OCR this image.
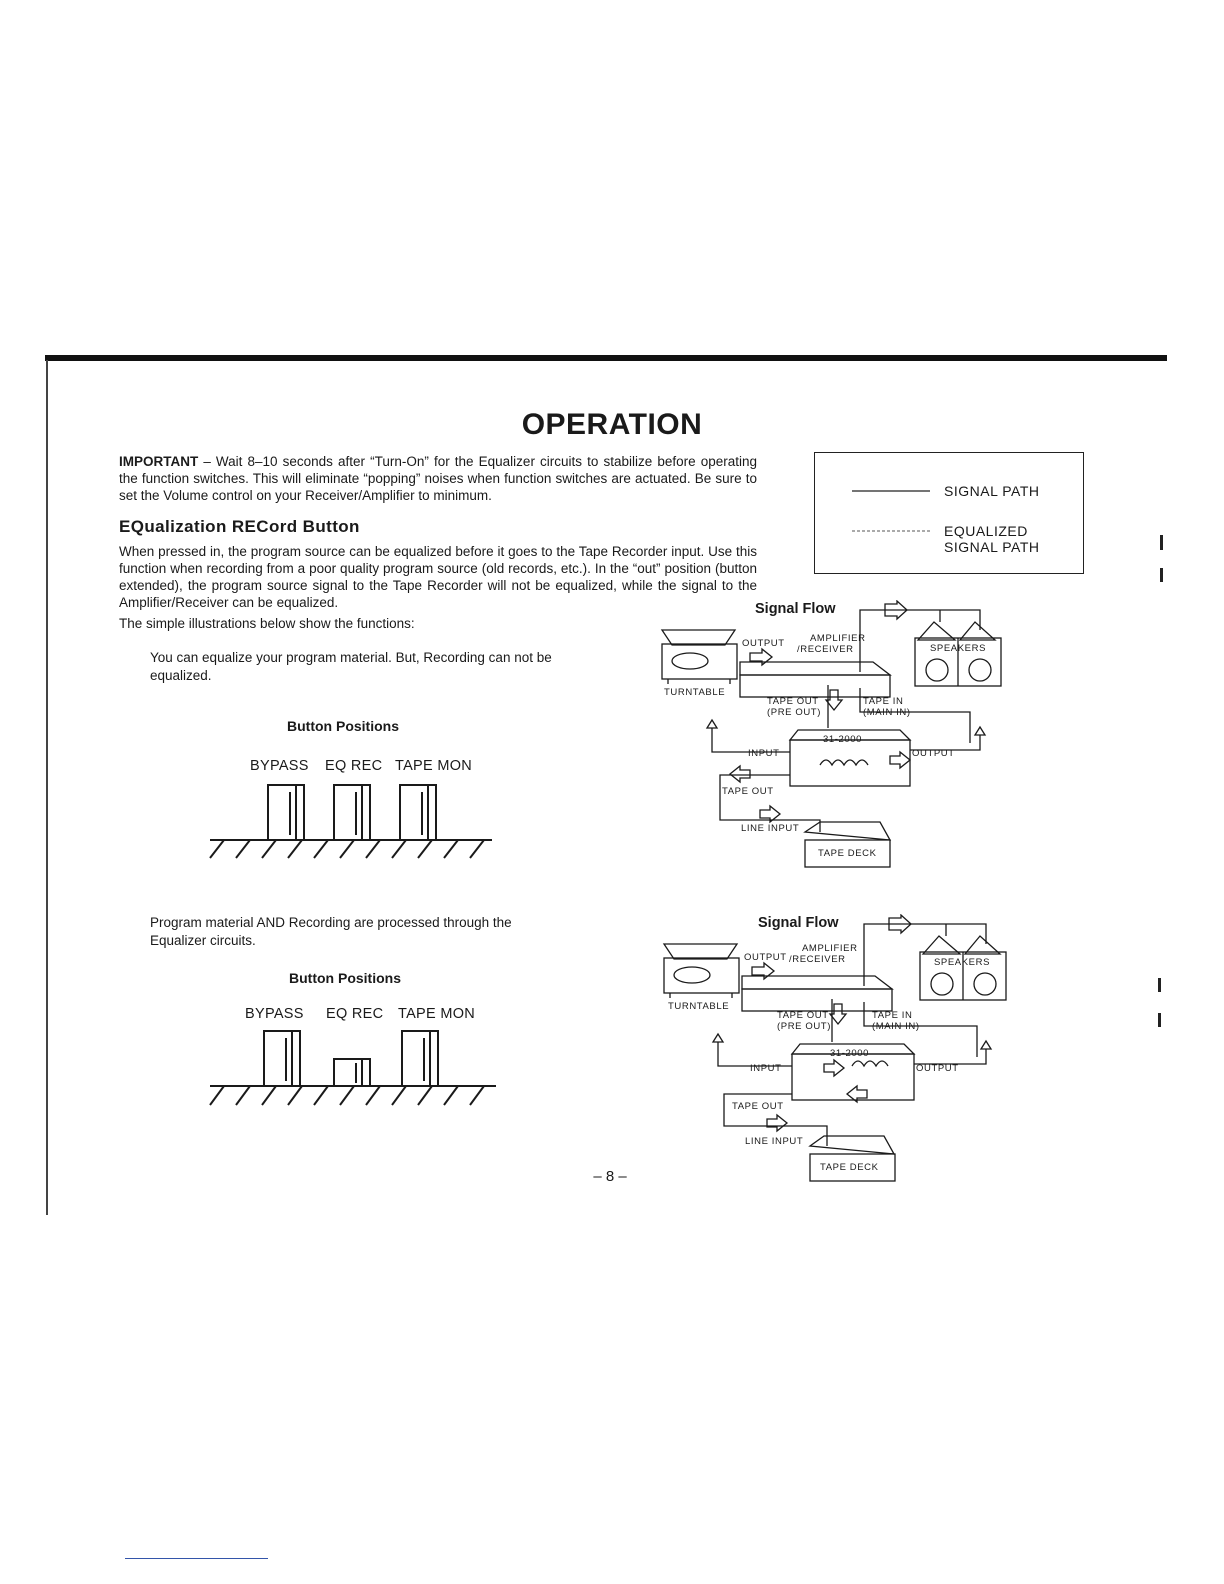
OPERATION
IMPORTANT – Wait 8–10 seconds after “Turn-On” for the Equalizer circuits to stabilize before operating the function switches. This will eliminate “popping” noises when function switches are actuated. Be sure to set the Volume control on your Receiver/Amplifier to minimum.
EQualization RECord Button
When pressed in, the program source can be equalized before it goes to the Tape Recorder input. Use this function when recording from a poor quality program source (old records, etc.). In the “out” position (button extended), the program source signal to the Tape Recorder will not be equalized, while the signal to the Amplifier/Receiver can be equalized.
The simple illustrations below show the functions:
SIGNAL PATH
EQUALIZED
SIGNAL PATH
You can equalize your program material. But, Recording can not be equalized.
Button Positions
BYPASS EQ REC TAPE MON
Signal Flow
OUTPUT	AMPLIFIER
/RECEIVER	SPEAKERS
TURNTABLE
TAPE OUT
(PRE OUT)
TAPE IN
(MAIN IN)
31-2000
INPUT	OUTPUT
TAPE OUT
LINE INPUT
TAPE DECK
Program material AND Recording are processed through the Equalizer circuits.
Button Positions
BYPASS EQ REC TAPE MON
Signal Flow
OUTPUT
AMPLIFIER
/RECEIVER	SPEAKERS
TURNTABLE
TAPE OUT
(PRE OUT)
TAPE IN
(MAIN IN)
31-2000
INPUT	OUTPUT
TAPE OUT
LINE INPUT
TAPE DECK
– 8 –
